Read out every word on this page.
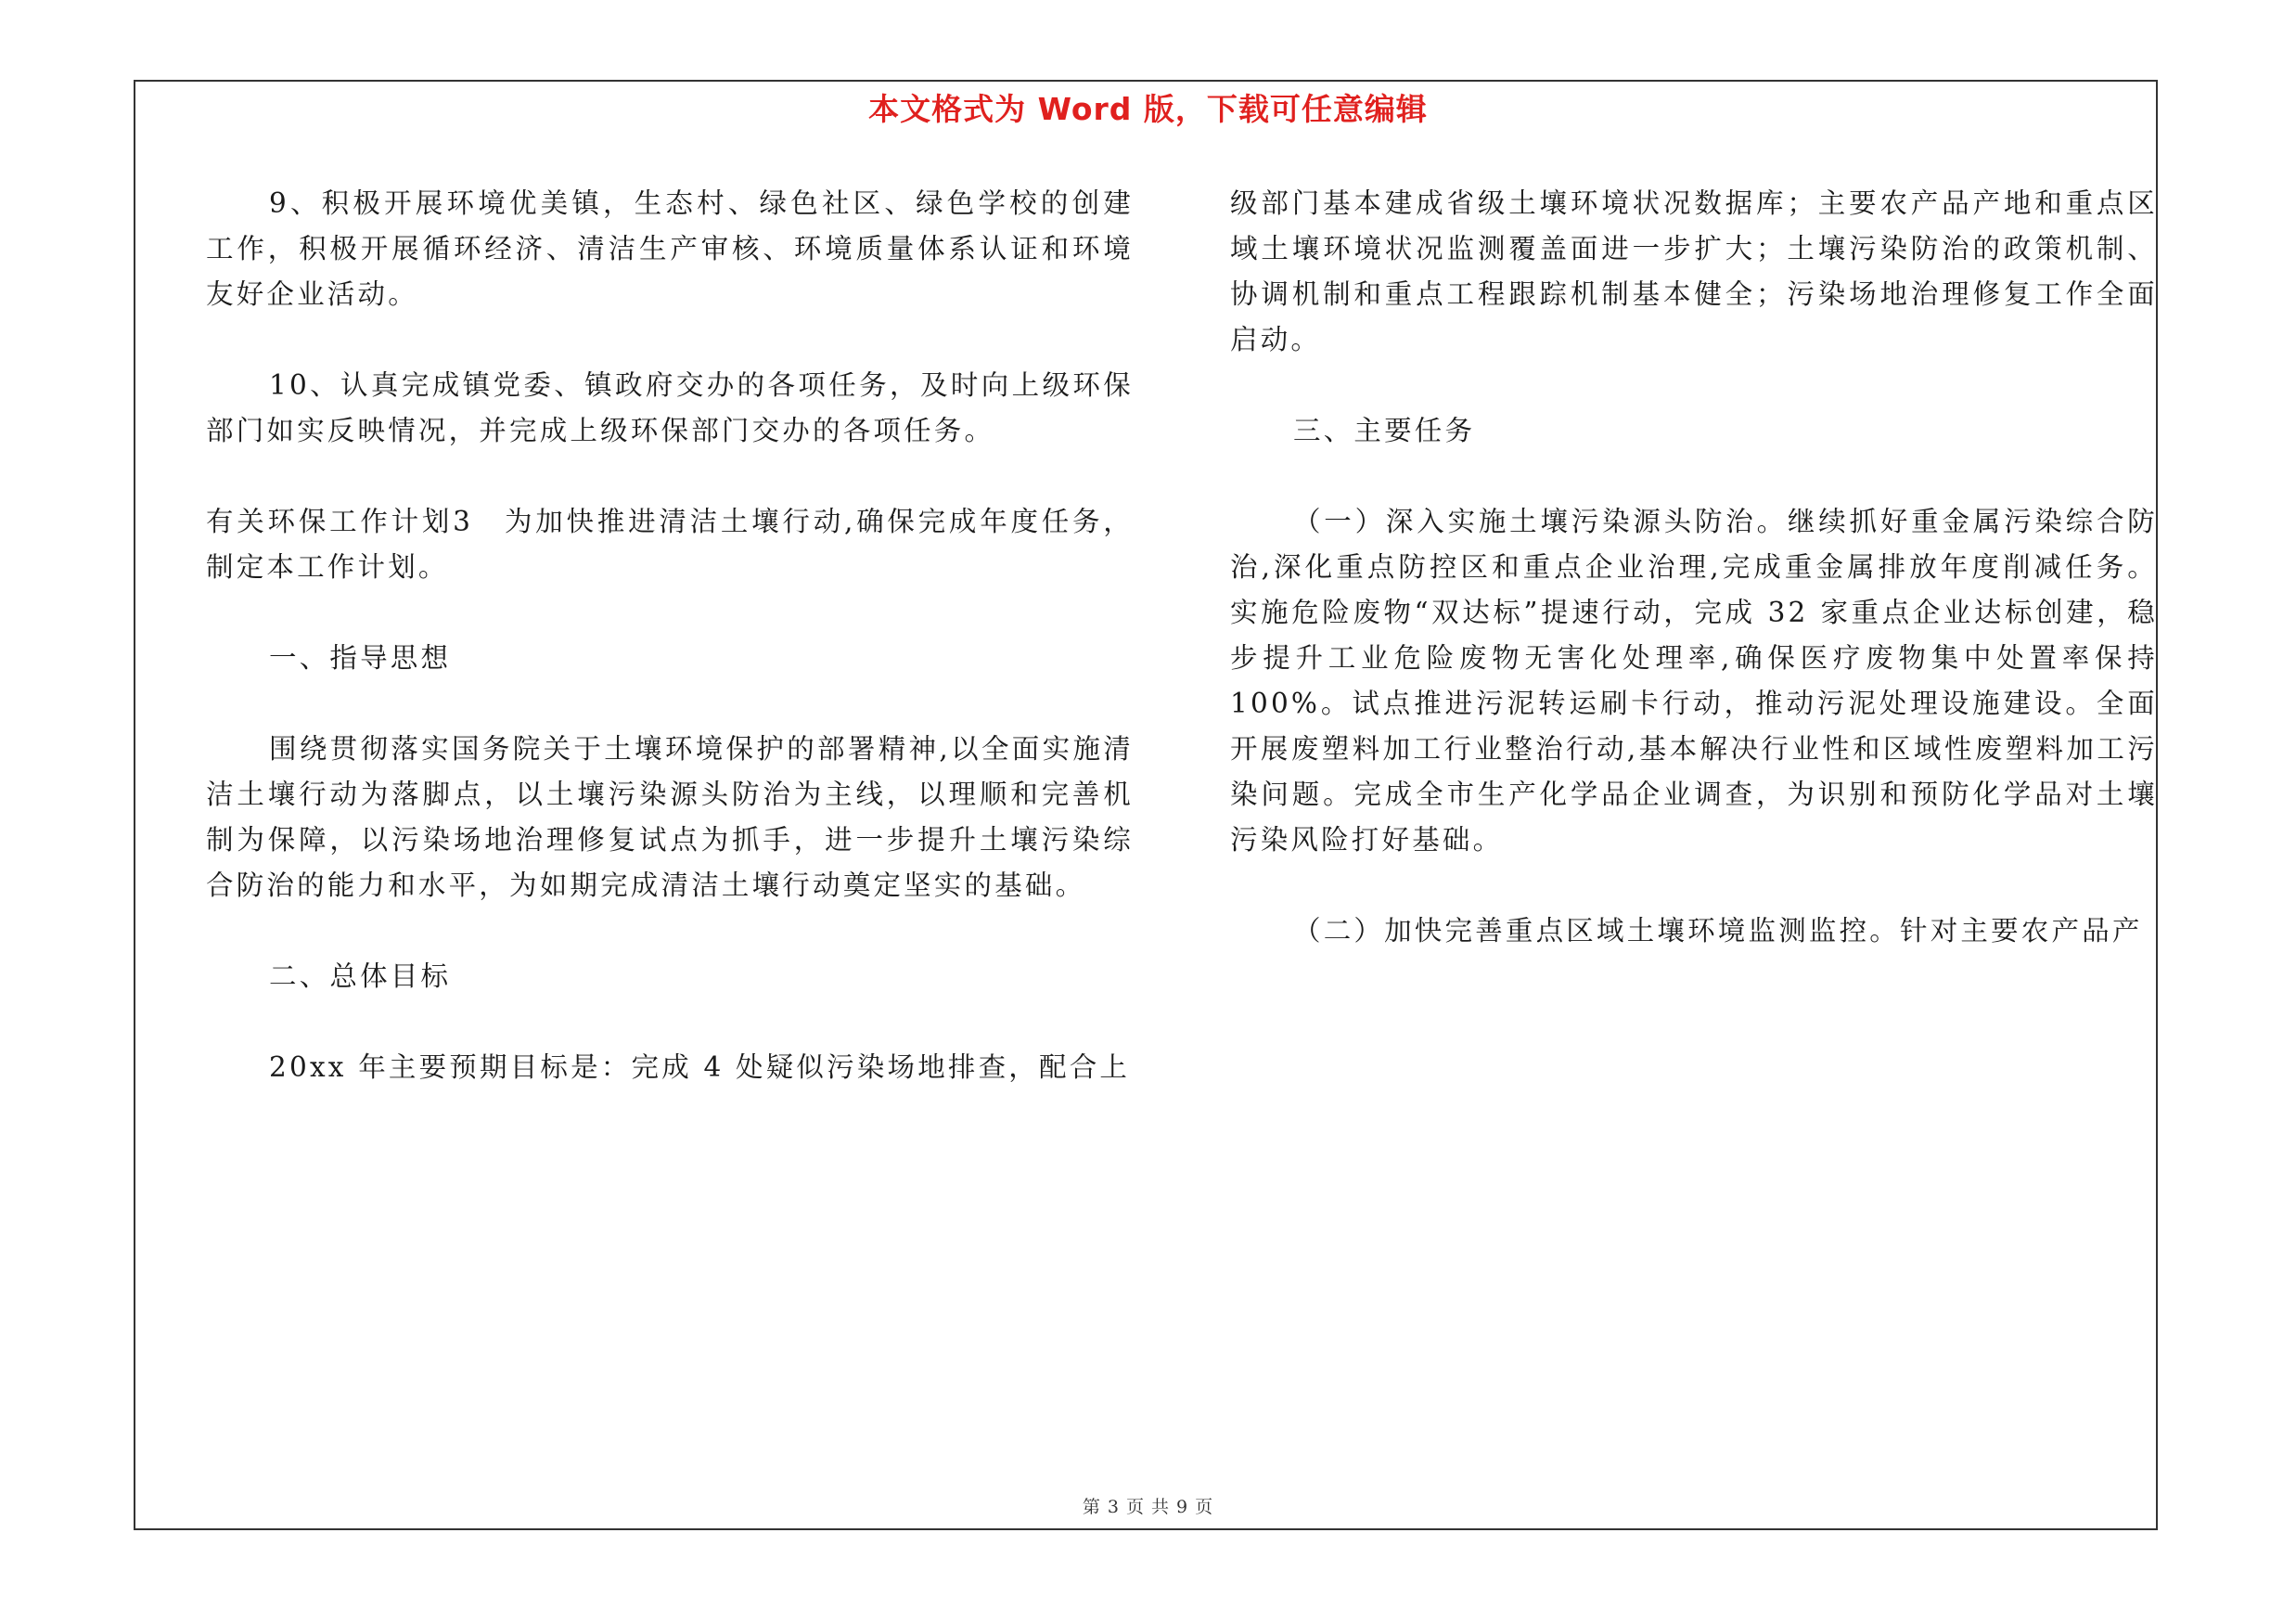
本文格式为 Word 版，下载可任意编辑

9、积极开展环境优美镇，生态村、绿色社区、绿色学校的创建工作，积极开展循环经济、清洁生产审核、环境质量体系认证和环境友好企业活动。

10、认真完成镇党委、镇政府交办的各项任务，及时向上级环保部门如实反映情况，并完成上级环保部门交办的各项任务。

有关环保工作计划3　为加快推进清洁土壤行动,确保完成年度任务，制定本工作计划。

一、指导思想

围绕贯彻落实国务院关于土壤环境保护的部署精神,以全面实施清洁土壤行动为落脚点，以土壤污染源头防治为主线，以理顺和完善机制为保障，以污染场地治理修复试点为抓手，进一步提升土壤污染综合防治的能力和水平，为如期完成清洁土壤行动奠定坚实的基础。

二、总体目标

20xx 年主要预期目标是：完成 4 处疑似污染场地排查，配合上

级部门基本建成省级土壤环境状况数据库；主要农产品产地和重点区域土壤环境状况监测覆盖面进一步扩大；土壤污染防治的政策机制、协调机制和重点工程跟踪机制基本健全；污染场地治理修复工作全面启动。

三、主要任务

（一）深入实施土壤污染源头防治。继续抓好重金属污染综合防治,深化重点防控区和重点企业治理,完成重金属排放年度削减任务。实施危险废物“双达标”提速行动，完成 32 家重点企业达标创建，稳步提升工业危险废物无害化处理率,确保医疗废物集中处置率保持 100%。试点推进污泥转运刷卡行动，推动污泥处理设施建设。全面开展废塑料加工行业整治行动,基本解决行业性和区域性废塑料加工污染问题。完成全市生产化学品企业调查，为识别和预防化学品对土壤污染风险打好基础。

（二）加快完善重点区域土壤环境监测监控。针对主要农产品产

第 3 页 共 9 页
